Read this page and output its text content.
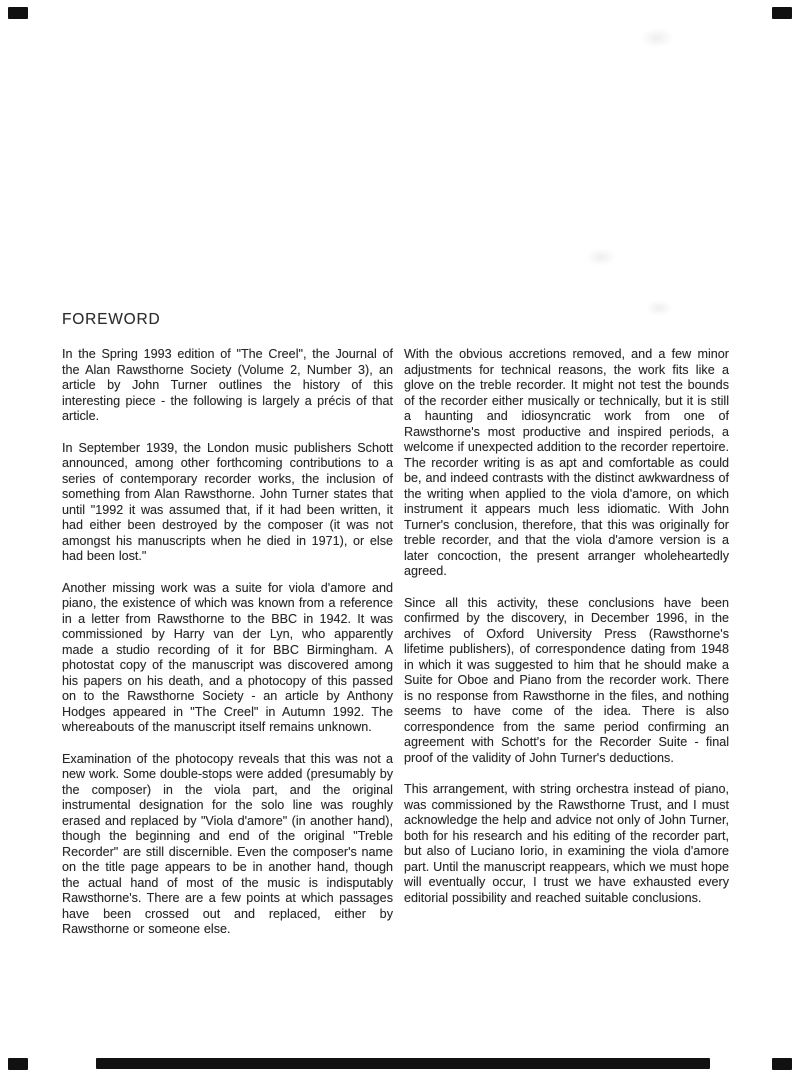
FOREWORD

In the Spring 1993 edition of "The Creel", the Journal of the Alan Rawsthorne Society (Volume 2, Number 3), an article by John Turner outlines the history of this interesting piece - the following is largely a précis of that article.

In September 1939, the London music publishers Schott announced, among other forthcoming contributions to a series of contemporary recorder works, the inclusion of something from Alan Rawsthorne. John Turner states that until "1992 it was assumed that, if it had been written, it had either been destroyed by the composer (it was not amongst his manuscripts when he died in 1971), or else had been lost."

Another missing work was a suite for viola d'amore and piano, the existence of which was known from a reference in a letter from Rawsthorne to the BBC in 1942. It was commissioned by Harry van der Lyn, who apparently made a studio recording of it for BBC Birmingham. A photostat copy of the manuscript was discovered among his papers on his death, and a photocopy of this passed on to the Rawsthorne Society - an article by Anthony Hodges appeared in "The Creel" in Autumn 1992. The whereabouts of the manuscript itself remains unknown.

Examination of the photocopy reveals that this was not a new work. Some double-stops were added (presumably by the composer) in the viola part, and the original instrumental designation for the solo line was roughly erased and replaced by "Viola d'amore" (in another hand), though the beginning and end of the original "Treble Recorder" are still discernible. Even the composer's name on the title page appears to be in another hand, though the actual hand of most of the music is indisputably Rawsthorne's. There are a few points at which passages have been crossed out and replaced, either by Rawsthorne or someone else.

With the obvious accretions removed, and a few minor adjustments for technical reasons, the work fits like a glove on the treble recorder. It might not test the bounds of the recorder either musically or technically, but it is still a haunting and idiosyncratic work from one of Rawsthorne's most productive and inspired periods, a welcome if unexpected addition to the recorder repertoire. The recorder writing is as apt and comfortable as could be, and indeed contrasts with the distinct awkwardness of the writing when applied to the viola d'amore, on which instrument it appears much less idiomatic. With John Turner's conclusion, therefore, that this was originally for treble recorder, and that the viola d'amore version is a later concoction, the present arranger wholeheartedly agreed.

Since all this activity, these conclusions have been confirmed by the discovery, in December 1996, in the archives of Oxford University Press (Rawsthorne's lifetime publishers), of correspondence dating from 1948 in which it was suggested to him that he should make a Suite for Oboe and Piano from the recorder work. There is no response from Rawsthorne in the files, and nothing seems to have come of the idea. There is also correspondence from the same period confirming an agreement with Schott's for the Recorder Suite - final proof of the validity of John Turner's deductions.

This arrangement, with string orchestra instead of piano, was commissioned by the Rawsthorne Trust, and I must acknowledge the help and advice not only of John Turner, both for his research and his editing of the recorder part, but also of Luciano Iorio, in examining the viola d'amore part. Until the manuscript reappears, which we must hope will eventually occur, I trust we have exhausted every editorial possibility and reached suitable conclusions.
